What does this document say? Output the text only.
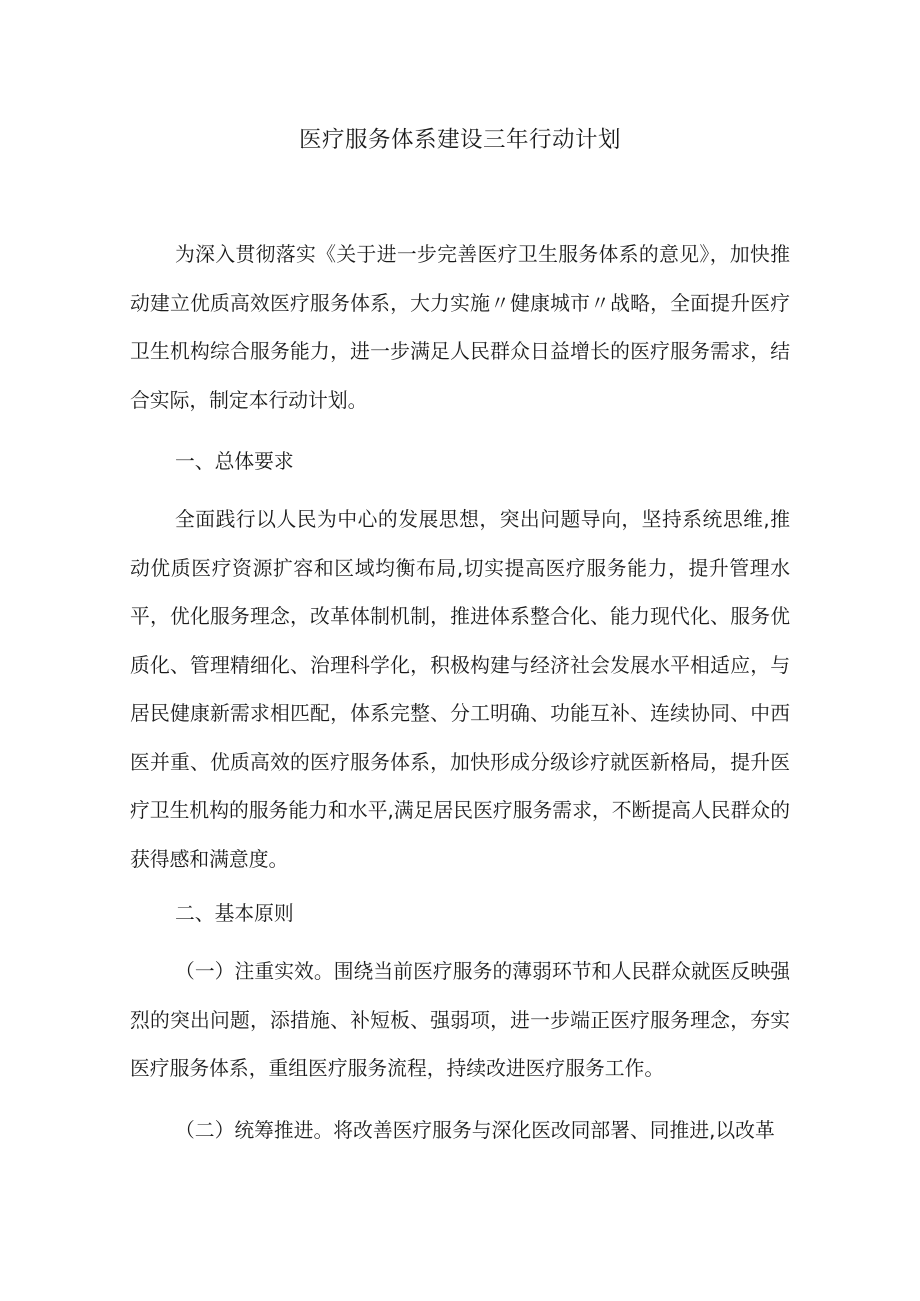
医疗服务体系建设三年行动计划

为深入贯彻落实《关于进一步完善医疗卫生服务体系的意见》，加快推动建立优质高效医疗服务体系，大力实施〃健康城市〃战略，全面提升医疗卫生机构综合服务能力，进一步满足人民群众日益增长的医疗服务需求，结合实际，制定本行动计划。

一、总体要求

全面践行以人民为中心的发展思想，突出问题导向，坚持系统思维,推动优质医疗资源扩容和区域均衡布局,切实提高医疗服务能力，提升管理水平，优化服务理念，改革体制机制，推进体系整合化、能力现代化、服务优质化、管理精细化、治理科学化，积极构建与经济社会发展水平相适应，与居民健康新需求相匹配，体系完整、分工明确、功能互补、连续协同、中西医并重、优质高效的医疗服务体系，加快形成分级诊疗就医新格局，提升医疗卫生机构的服务能力和水平,满足居民医疗服务需求，不断提高人民群众的获得感和满意度。

二、基本原则

（一）注重实效。围绕当前医疗服务的薄弱环节和人民群众就医反映强烈的突出问题，添措施、补短板、强弱项，进一步端正医疗服务理念，夯实医疗服务体系，重组医疗服务流程，持续改进医疗服务工作。

（二）统筹推进。将改善医疗服务与深化医改同部署、同推进,以改革
